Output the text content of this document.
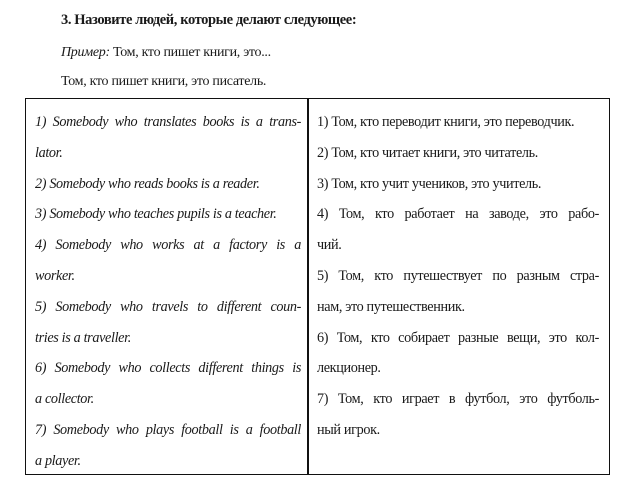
3. Назовите людей, которые делают следующее:
Пример: Том, кто пишет книги, это...
Том, кто пишет книги, это писатель.
1) Somebody who translates books is a trans-
lator.
2) Somebody who reads books is a reader.
3) Somebody who teaches pupils is a teacher.
4) Somebody who works at a factory is a
worker.
5) Somebody who travels to different coun-
tries is a traveller.
6) Somebody who collects different things is
a collector.
7) Somebody who plays football is a football
a player.
1) Том, кто переводит книги, это переводчик.
2) Том, кто читает книги, это читатель.
3) Том, кто учит учеников, это учитель.
4) Том, кто работает на заводе, это рабо-
чий.
5) Том, кто путешествует по разным стра-
нам, это путешественник.
6) Том, кто собирает разные вещи, это кол-
лекционер.
7) Том, кто играет в футбол, это футболь-
ный игрок.
